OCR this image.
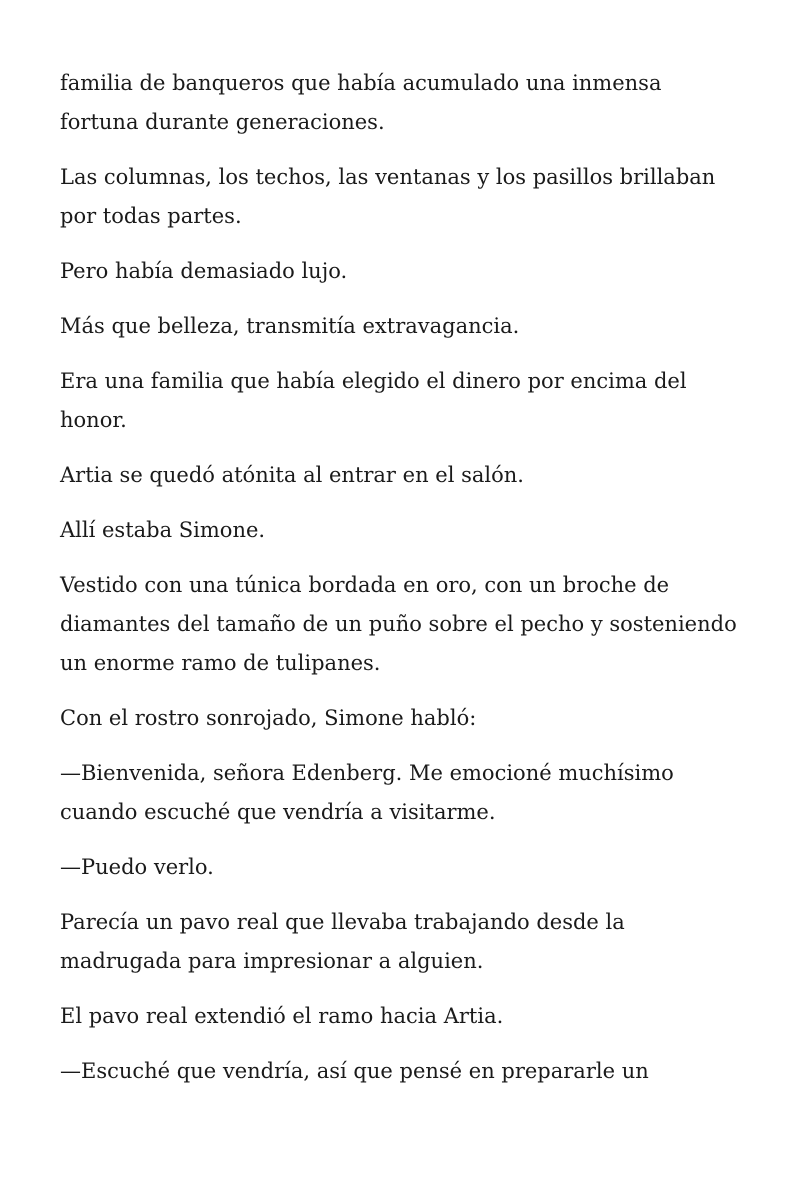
familia de banqueros que había acumulado una inmensa fortuna durante generaciones.

Las columnas, los techos, las ventanas y los pasillos brillaban por todas partes.

Pero había demasiado lujo.

Más que belleza, transmitía extravagancia.

Era una familia que había elegido el dinero por encima del honor.

Artia se quedó atónita al entrar en el salón.

Allí estaba Simone.

Vestido con una túnica bordada en oro, con un broche de diamantes del tamaño de un puño sobre el pecho y sosteniendo un enorme ramo de tulipanes.

Con el rostro sonrojado, Simone habló:

—Bienvenida, señora Edenberg. Me emocioné muchísimo cuando escuché que vendría a visitarme.

—Puedo verlo.

Parecía un pavo real que llevaba trabajando desde la madrugada para impresionar a alguien.

El pavo real extendió el ramo hacia Artia.

—Escuché que vendría, así que pensé en prepararle un
